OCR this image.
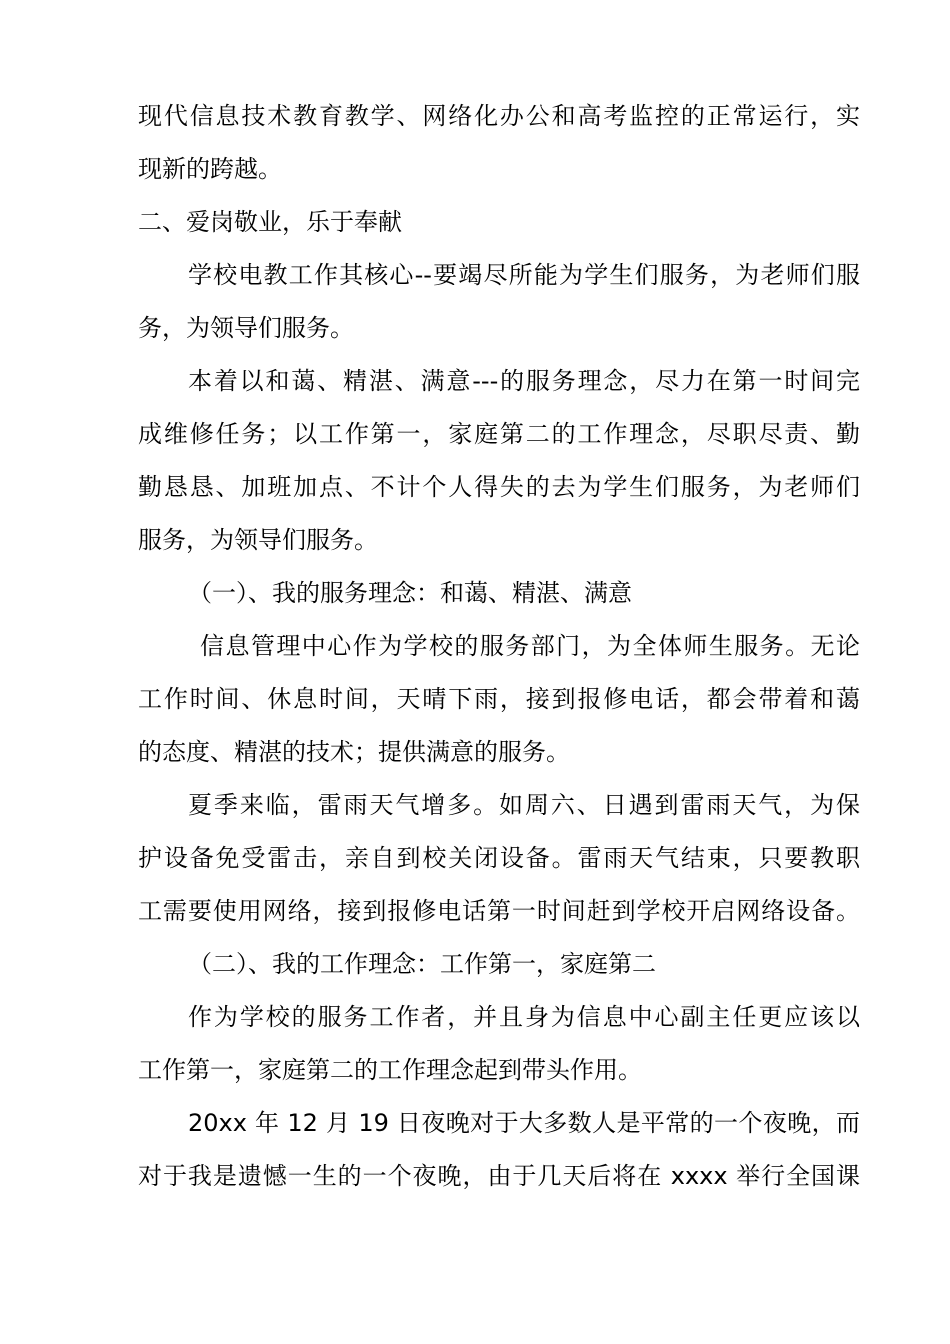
现代信息技术教育教学、网络化办公和高考监控的正常运行，实
现新的跨越。
二、爱岗敬业，乐于奉献
学校电教工作其核心--要竭尽所能为学生们服务，为老师们服
务，为领导们服务。
本着以和蔼、精湛、满意---的服务理念，尽力在第一时间完
成维修任务；以工作第一，家庭第二的工作理念，尽职尽责、勤
勤恳恳、加班加点、不计个人得失的去为学生们服务，为老师们
服务，为领导们服务。
（一）、我的服务理念：和蔼、精湛、满意
信息管理中心作为学校的服务部门，为全体师生服务。无论
工作时间、休息时间，天晴下雨，接到报修电话，都会带着和蔼
的态度、精湛的技术；提供满意的服务。
夏季来临，雷雨天气增多。如周六、日遇到雷雨天气，为保
护设备免受雷击，亲自到校关闭设备。雷雨天气结束，只要教职
工需要使用网络，接到报修电话第一时间赶到学校开启网络设备。
（二）、我的工作理念：工作第一，家庭第二
作为学校的服务工作者，并且身为信息中心副主任更应该以
工作第一，家庭第二的工作理念起到带头作用。
20xx 年 12 月 19 日夜晚对于大多数人是平常的一个夜晚，而
对于我是遗憾一生的一个夜晚，由于几天后将在 xxxx 举行全国课
